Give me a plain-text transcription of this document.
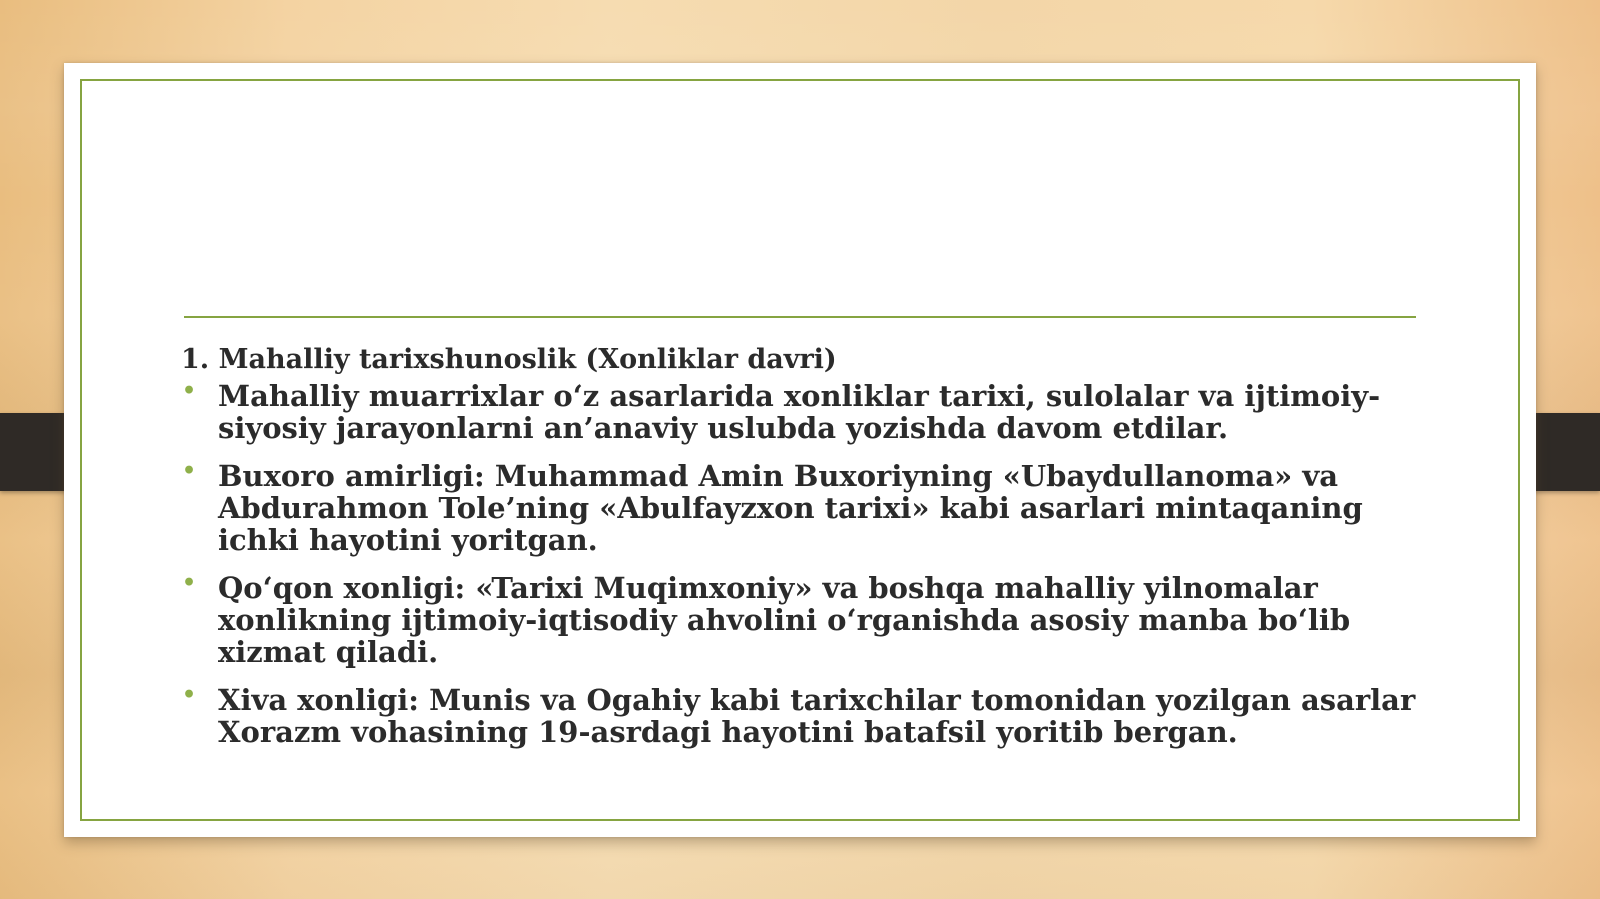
1. Mahalliy tarixshunoslik (Xonliklar davri)
• Mahalliy muarrixlar o‘z asarlarida xonliklar tarixi, sulolalar va ijtimoiy-siyosiy jarayonlarni an’anaviy uslubda yozishda davom etdilar.
• Buxoro amirligi: Muhammad Amin Buxoriyning «Ubaydullanoma» va Abdurahmon Tole’ning «Abulfayzxon tarixi» kabi asarlari mintaqaning ichki hayotini yoritgan.
• Qo‘qon xonligi: «Tarixi Muqimxoniy» va boshqa mahalliy yilnomalar xonlikning ijtimoiy-iqtisodiy ahvolini o‘rganishda asosiy manba bo‘lib xizmat qiladi.
• Xiva xonligi: Munis va Ogahiy kabi tarixchilar tomonidan yozilgan asarlar Xorazm vohasining 19-asrdagi hayotini batafsil yoritib bergan.
